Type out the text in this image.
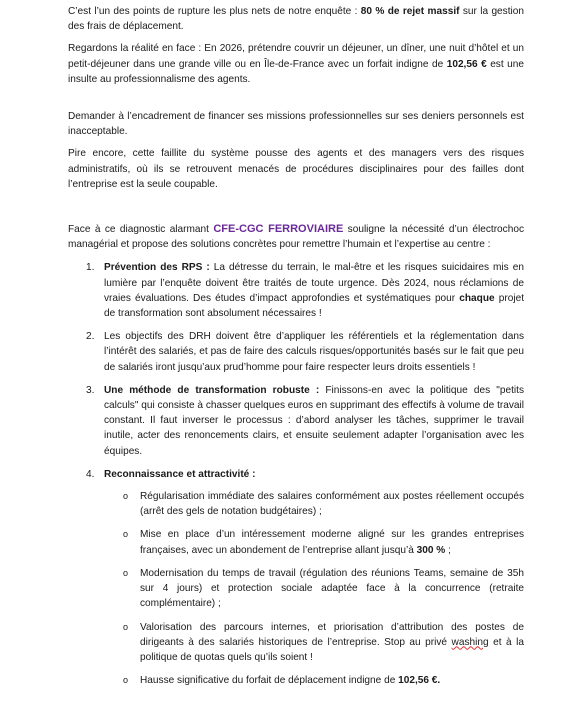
C’est l’un des points de rupture les plus nets de notre enquête : 80 % de rejet massif sur la gestion des frais de déplacement.

Regardons la réalité en face : En 2026, prétendre couvrir un déjeuner, un dîner, une nuit d’hôtel et un petit-déjeuner dans une grande ville ou en Île-de-France avec un forfait indigne de 102,56 € est une insulte au professionnalisme des agents.

Demander à l’encadrement de financer ses missions professionnelles sur ses deniers personnels est inacceptable.

Pire encore, cette faillite du système pousse des agents et des managers vers des risques administratifs, où ils se retrouvent menacés de procédures disciplinaires pour des failles dont l’entreprise est la seule coupable.

Face à ce diagnostic alarmant CFE-CGC FERROVIAIRE souligne la nécessité d’un électrochoc managérial et propose des solutions concrètes pour remettre l’humain et l’expertise au centre :

1. Prévention des RPS : La détresse du terrain, le mal-être et les risques suicidaires mis en lumière par l’enquête doivent être traités de toute urgence. Dès 2024, nous réclamions de vraies évaluations. Des études d’impact approfondies et systématiques pour chaque projet de transformation sont absolument nécessaires !
2. Les objectifs des DRH doivent être d’appliquer les référentiels et la réglementation dans l’intérêt des salariés, et pas de faire des calculs risques/opportunités basés sur le fait que peu de salariés iront jusqu’aux prud’homme pour faire respecter leurs droits essentiels !
3. Une méthode de transformation robuste : Finissons-en avec la politique des "petits calculs" qui consiste à chasser quelques euros en supprimant des effectifs à volume de travail constant. Il faut inverser le processus : d’abord analyser les tâches, supprimer le travail inutile, acter des renoncements clairs, et ensuite seulement adapter l’organisation avec les équipes.
4. Reconnaissance et attractivité :
o Régularisation immédiate des salaires conformément aux postes réellement occupés (arrêt des gels de notation budgétaires) ;
o Mise en place d’un intéressement moderne aligné sur les grandes entreprises françaises, avec un abondement de l’entreprise allant jusqu’à 300 % ;
o Modernisation du temps de travail (régulation des réunions Teams, semaine de 35h sur 4 jours) et protection sociale adaptée face à la concurrence (retraite complémentaire) ;
o Valorisation des parcours internes, et priorisation d’attribution des postes de dirigeants à des salariés historiques de l’entreprise. Stop au privé washing et à la politique de quotas quels qu’ils soient !
o Hausse significative du forfait de déplacement indigne de 102,56 €.
